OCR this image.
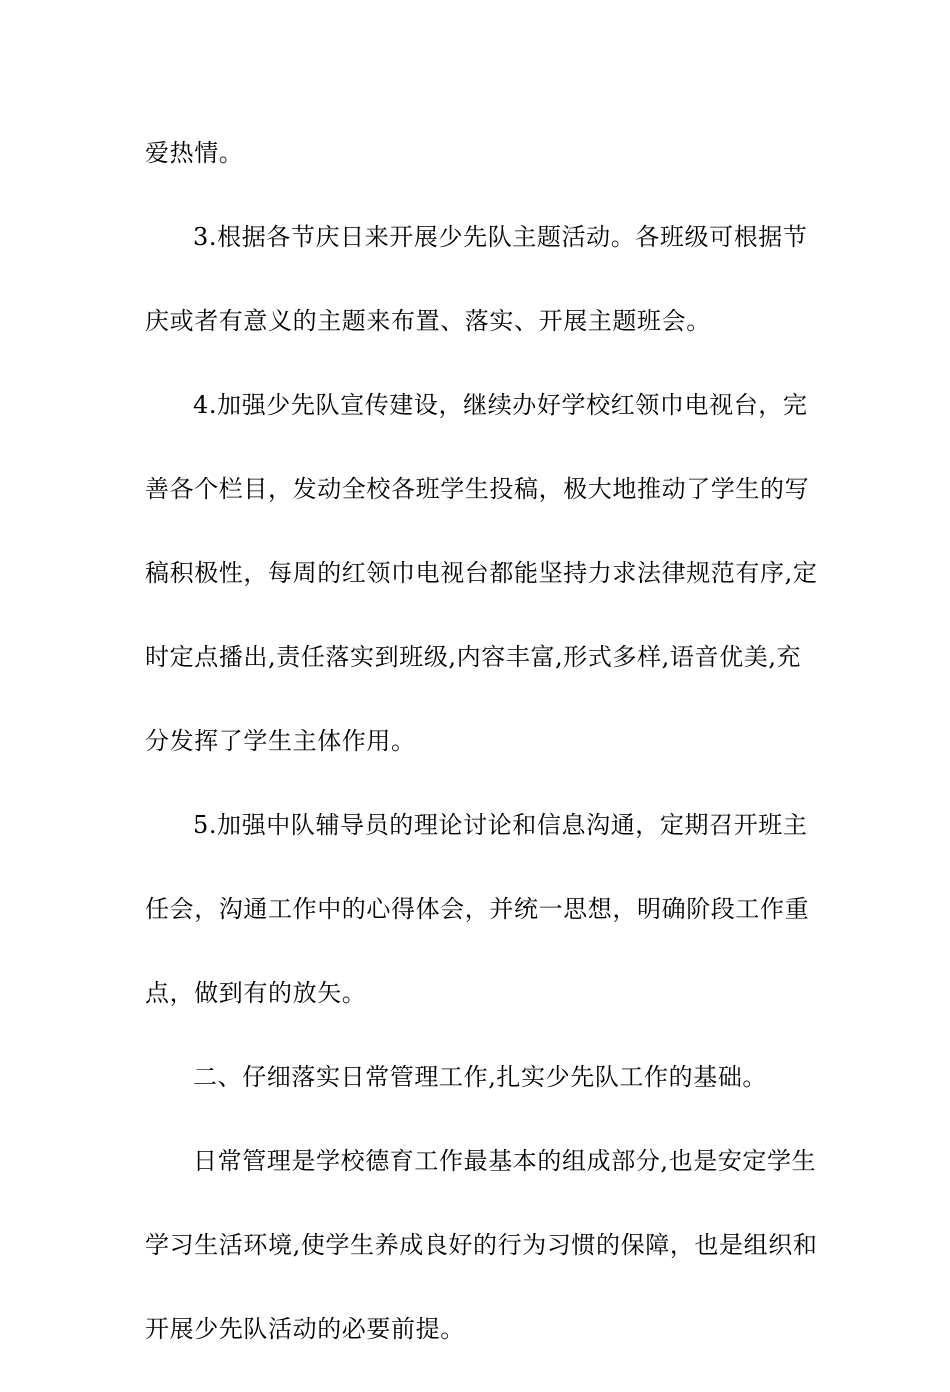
爱热情。
3.根据各节庆日来开展少先队主题活动。各班级可根据节
庆或者有意义的主题来布置、落实、开展主题班会。
4.加强少先队宣传建设，继续办好学校红领巾电视台，完
善各个栏目，发动全校各班学生投稿，极大地推动了学生的写
稿积极性，每周的红领巾电视台都能坚持力求法律规范有序,定
时定点播出,责任落实到班级,内容丰富,形式多样,语音优美,充
分发挥了学生主体作用。
5.加强中队辅导员的理论讨论和信息沟通，定期召开班主
任会，沟通工作中的心得体会，并统一思想，明确阶段工作重
点，做到有的放矢。
二、仔细落实日常管理工作,扎实少先队工作的基础。
日常管理是学校德育工作最基本的组成部分,也是安定学生
学习生活环境,使学生养成良好的行为习惯的保障，也是组织和
开展少先队活动的必要前提。
